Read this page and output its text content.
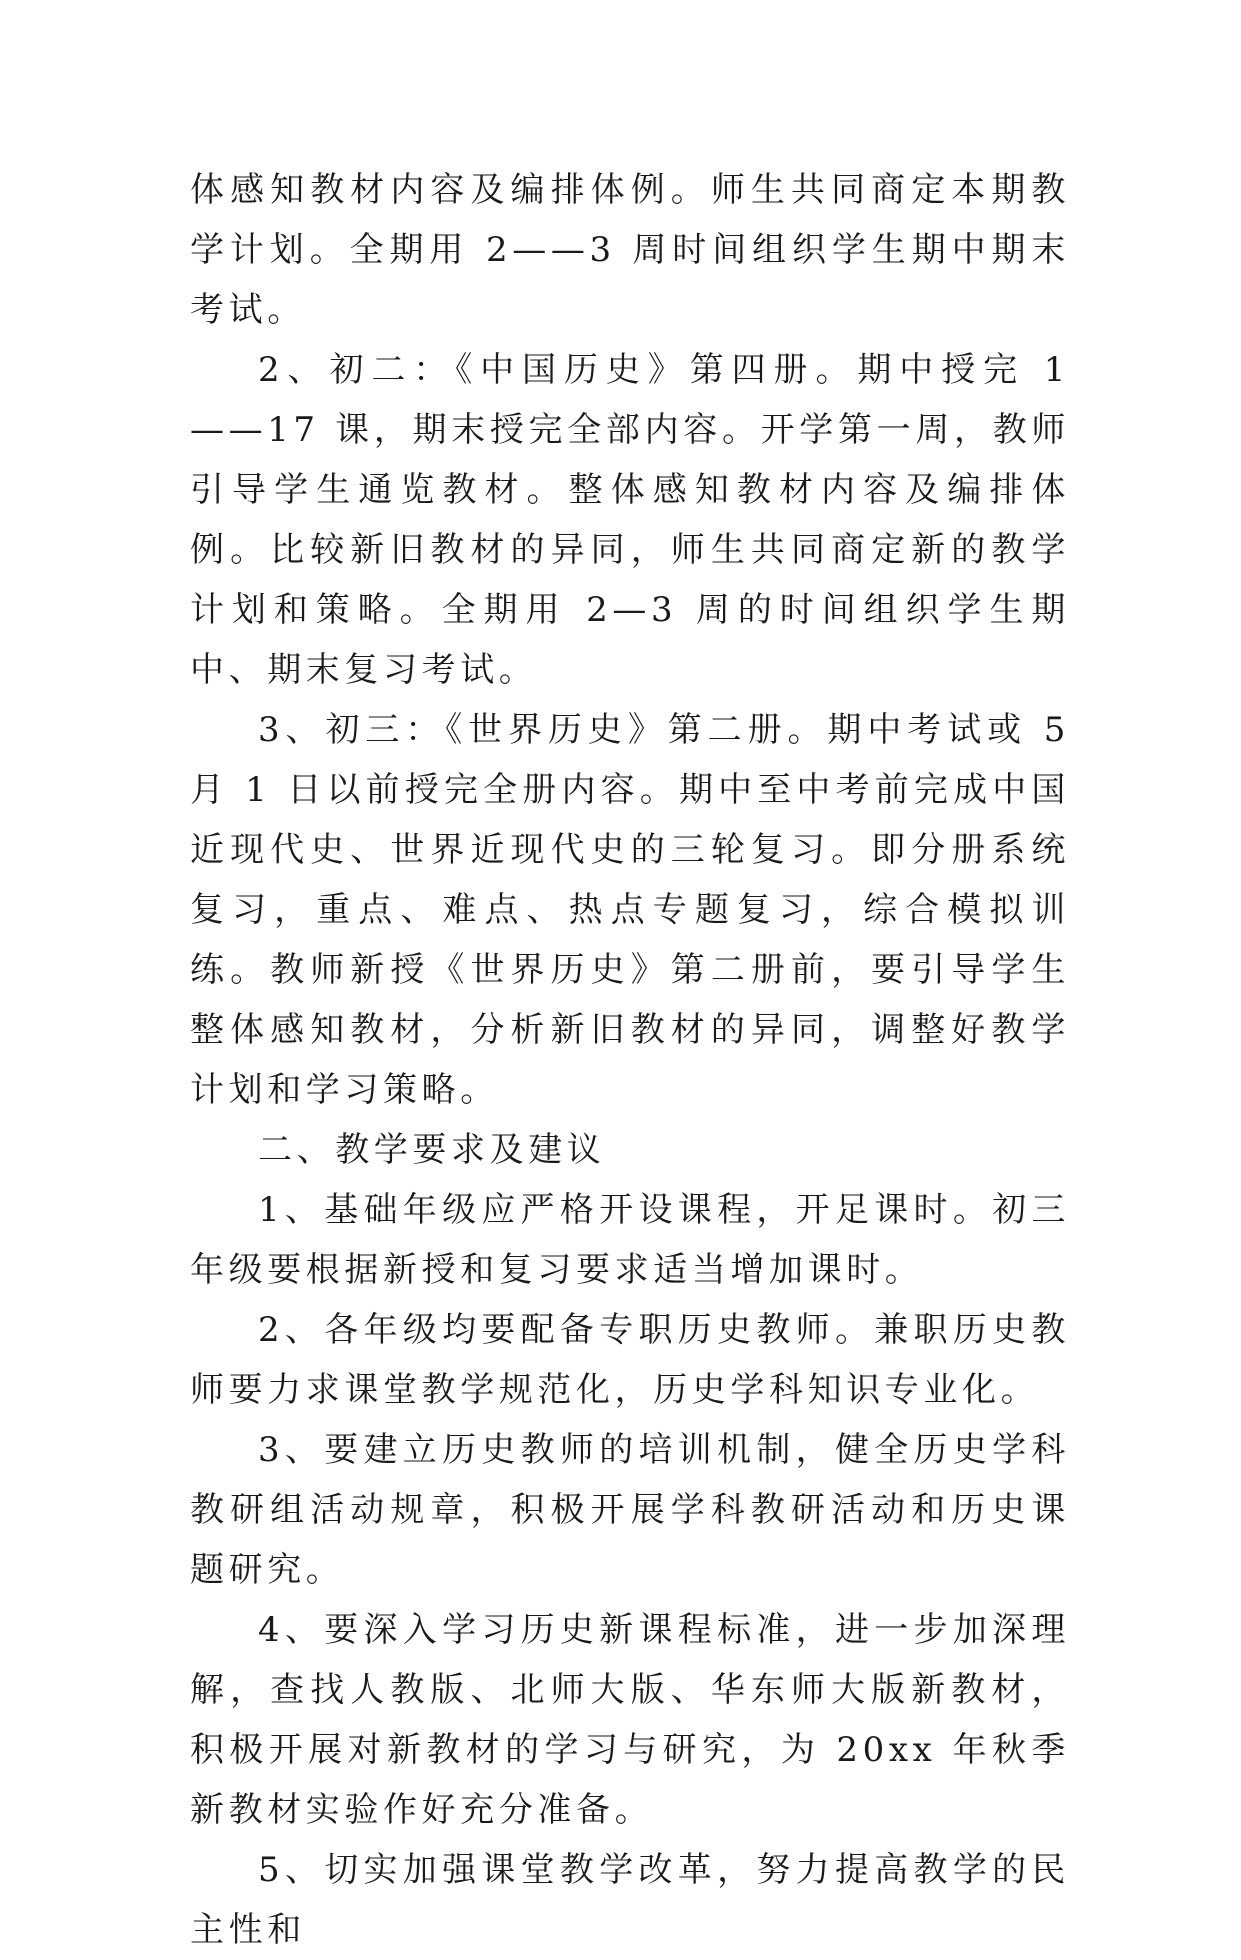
体感知教材内容及编排体例。师生共同商定本期教学计划。全期用 2——3 周时间组织学生期中期末考试。

2、初二：《中国历史》第四册。期中授完 1——17 课，期末授完全部内容。开学第一周，教师引导学生通览教材。整体感知教材内容及编排体例。比较新旧教材的异同，师生共同商定新的教学计划和策略。全期用 2—3 周的时间组织学生期中、期末复习考试。

3、初三：《世界历史》第二册。期中考试或 5 月 1 日以前授完全册内容。期中至中考前完成中国近现代史、世界近现代史的三轮复习。即分册系统复习，重点、难点、热点专题复习，综合模拟训练。教师新授《世界历史》第二册前，要引导学生整体感知教材，分析新旧教材的异同，调整好教学计划和学习策略。

二、教学要求及建议

1、基础年级应严格开设课程，开足课时。初三年级要根据新授和复习要求适当增加课时。

2、各年级均要配备专职历史教师。兼职历史教师要力求课堂教学规范化，历史学科知识专业化。

3、要建立历史教师的培训机制，健全历史学科教研组活动规章，积极开展学科教研活动和历史课题研究。

4、要深入学习历史新课程标准，进一步加深理解，查找人教版、北师大版、华东师大版新教材，积极开展对新教材的学习与研究，为 20xx 年秋季新教材实验作好充分准备。

5、切实加强课堂教学改革，努力提高教学的民主性和
